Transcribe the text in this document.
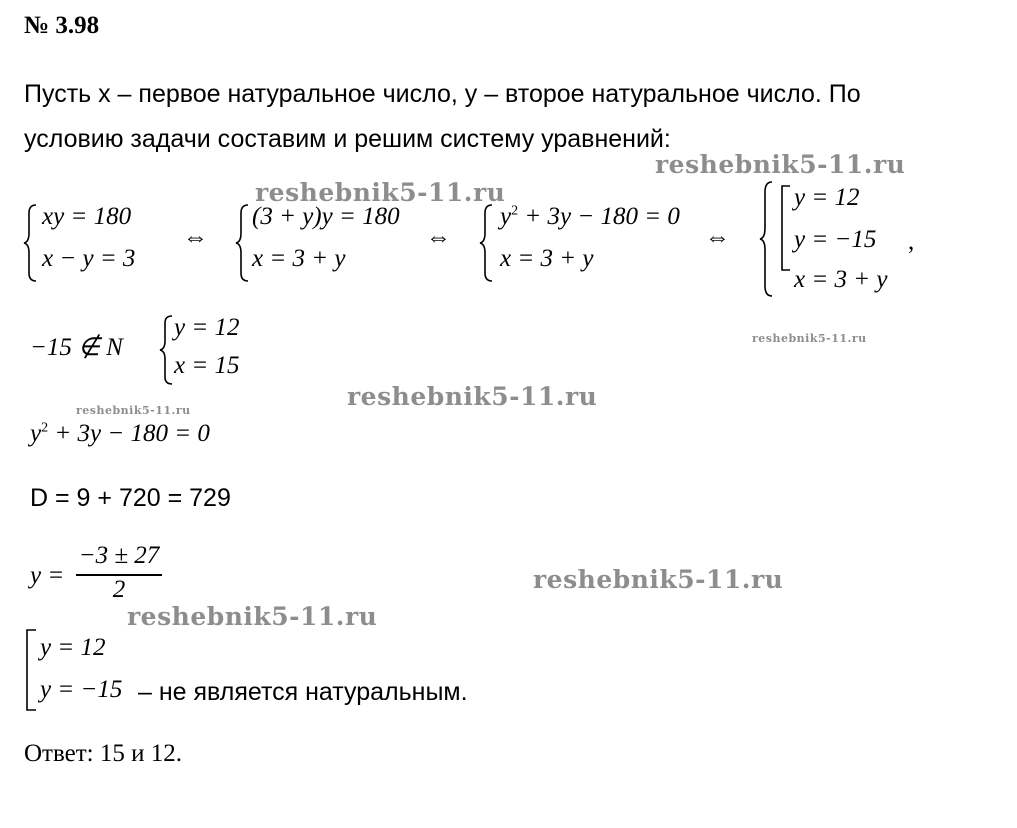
№ 3.98
Пусть x – первое натуральное число, y – второе натуральное число. По
условию задачи составим и решим систему уравнений:
reshebnik5-11.ru
reshebnik5-11.ru
reshebnik5-11.ru
reshebnik5-11.ru
reshebnik5-11.ru
reshebnik5-11.ru
reshebnik5-11.ru
xy = 180
x − y = 3
⇔
(3 + y)y = 180
x = 3 + y
⇔
$y^2 + 3y - 180 = 0$
x = 3 + y
⇔
y = 12
y = −15
x = 3 + y
,
−15 ∉ N
y = 12
x = 15
$y^2 + 3y - 180 = 0$
D = 9 + 720 = 729
y =
−3 ± 27
2
y = 12
y = −15 – не является натуральным.
Ответ: 15 и 12.
